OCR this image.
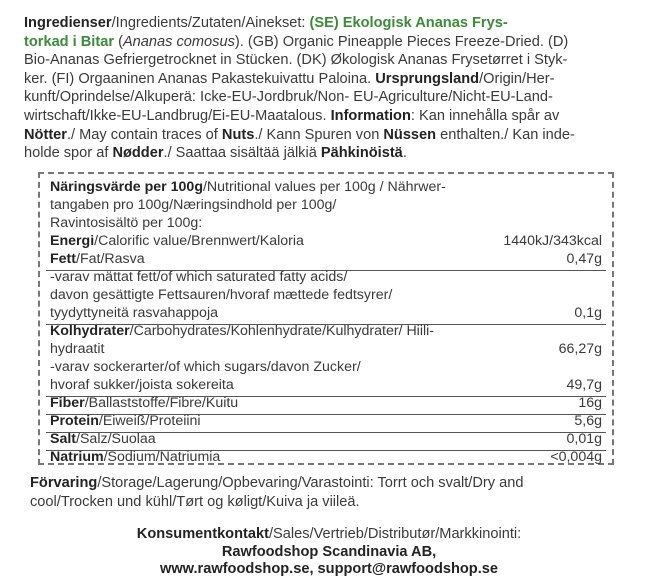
Ingredienser/Ingredients/Zutaten/Ainekset: (SE) Ekologisk Ananas Frys-
torkad i Bitar (Ananas comosus). (GB) Organic Pineapple Pieces Freeze-Dried. (D)
Bio-Ananas Gefriergetrocknet in Stücken. (DK) Økologisk Ananas Frysetørret i Styk-
ker. (FI) Orgaaninen Ananas Pakastekuivattu Paloina. Ursprungsland/Origin/Her-
kunft/Oprindelse/Alkuperä: Icke-EU-Jordbruk/Non- EU-Agriculture/Nicht-EU-Land-
wirtschaft/Ikke-EU-Landbrug/Ei-EU-Maatalous. Information: Kan innehålla spår av
Nötter./ May contain traces of Nuts./ Kann Spuren von Nüssen enthalten./ Kan inde-
holde spor af Nødder./ Saattaa sisältää jälkiä Pähkinöistä.
Näringsvärde per 100g/Nutritional values per 100g / Nährwer-
tangaben pro 100g/Næringsindhold per 100g/
Ravintosisältö per 100g:
Energi/Calorific value/Brennwert/Kaloria	1440kJ/343kcal
Fett/Fat/Rasva	0,47g
-varav mättat fett/of which saturated fatty acids/
davon gesättigte Fettsauren/hvoraf mættede fedtsyrer/
tyydyttyneitä rasvahappoja	0,1g
Kolhydrater/Carbohydrates/Kohlenhydrate/Kulhydrater/ Hiili-
hydraatit	66,27g
-varav sockerarter/of which sugars/davon Zucker/
hvoraf sukker/joista sokereita	49,7g
Fiber/Ballaststoffe/Fibre/Kuitu	16g
Protein/Eiweiß/Proteiini	5,6g
Salt/Salz/Suolaa	0,01g
Natrium/Sodium/Natriumia	<0,004g
Förvaring/Storage/Lagerung/Opbevaring/Varastointi: Torrt och svalt/Dry and
cool/Trocken und kühl/Tørt og køligt/Kuiva ja viileä.
Konsumentkontakt/Sales/Vertrieb/Distributør/Markkinointi:
Rawfoodshop Scandinavia AB,
www.rawfoodshop.se, support@rawfoodshop.se
